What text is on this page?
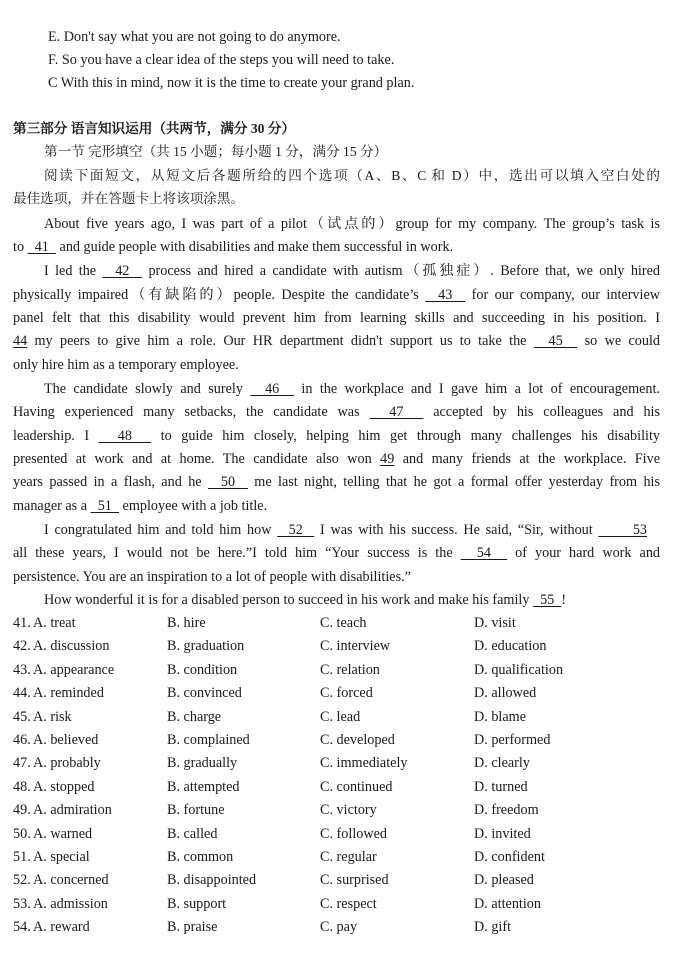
E. Don't say what you are not going to do anymore.
F. So you have a clear idea of the steps you will need to take.
C With this in mind, now it is the time to create your grand plan.
第三部分 语言知识运用（共两节，满分 30 分）
第一节 完形填空（共 15 小题；每小题 1 分，满分 15 分）
阅读下面短文，从短文后各题所给的四个选项（A、B、C 和 D）中，选出可以填入空白处的
最佳选项，并在答题卡上将该项涂黑。
About five years ago, I was part of a pilot（试点的）group for my company. The group’s task is
to   41   and guide people with disabilities and make them successful in work.
I led the   42   process and hired a candidate with autism（孤独症）. Before that, we only hired
physically impaired（有缺陷的）people. Despite the candidate’s   43   for our company, our interview
panel felt that this disability would prevent him from learning skills and succeeding in his position. I
44 my peers to give him a role. Our HR department didn't support us to take the   45   so we could
only hire him as a temporary employee.
The candidate slowly and surely   46   in the workplace and I gave him a lot of encouragement.
Having experienced many setbacks, the candidate was   47   accepted by his colleagues and his
leadership. I   48   to guide him closely, helping him get through many challenges his disability
presented at work and at home. The candidate also won 49 and many friends at the workplace. Five
years passed in a flash, and he   50   me last night, telling that he got a formal offer yesterday from his
manager as a   51   employee with a job title.
I congratulated him and told him how   52   I was with his success. He said, “Sir, without       53
all these years, I would not be here.”I told him “Your success is the   54   of your hard work and
persistence. You are an inspiration to a lot of people with disabilities.”
How wonderful it is for a disabled person to succeed in his work and make his family   55  !
41. A. treat	B. hire	C. teach	D. visit
42. A. discussion	B. graduation	C. interview	D. education
43. A. appearance	B. condition	C. relation	D. qualification
44. A. reminded	B. convinced	C. forced	D. allowed
45. A. risk	B. charge	C. lead	D. blame
46. A. believed	B. complained	C. developed	D. performed
47. A. probably	B. gradually	C. immediately	D. clearly
48. A. stopped	B. attempted	C. continued	D. turned
49. A. admiration	B. fortune	C. victory	D. freedom
50. A. warned	B. called	C. followed	D. invited
51. A. special	B. common	C. regular	D. confident
52. A. concerned	B. disappointed	C. surprised	D. pleased
53. A. admission	B. support	C. respect	D. attention
54. A. reward	B. praise	C. pay	D. gift
